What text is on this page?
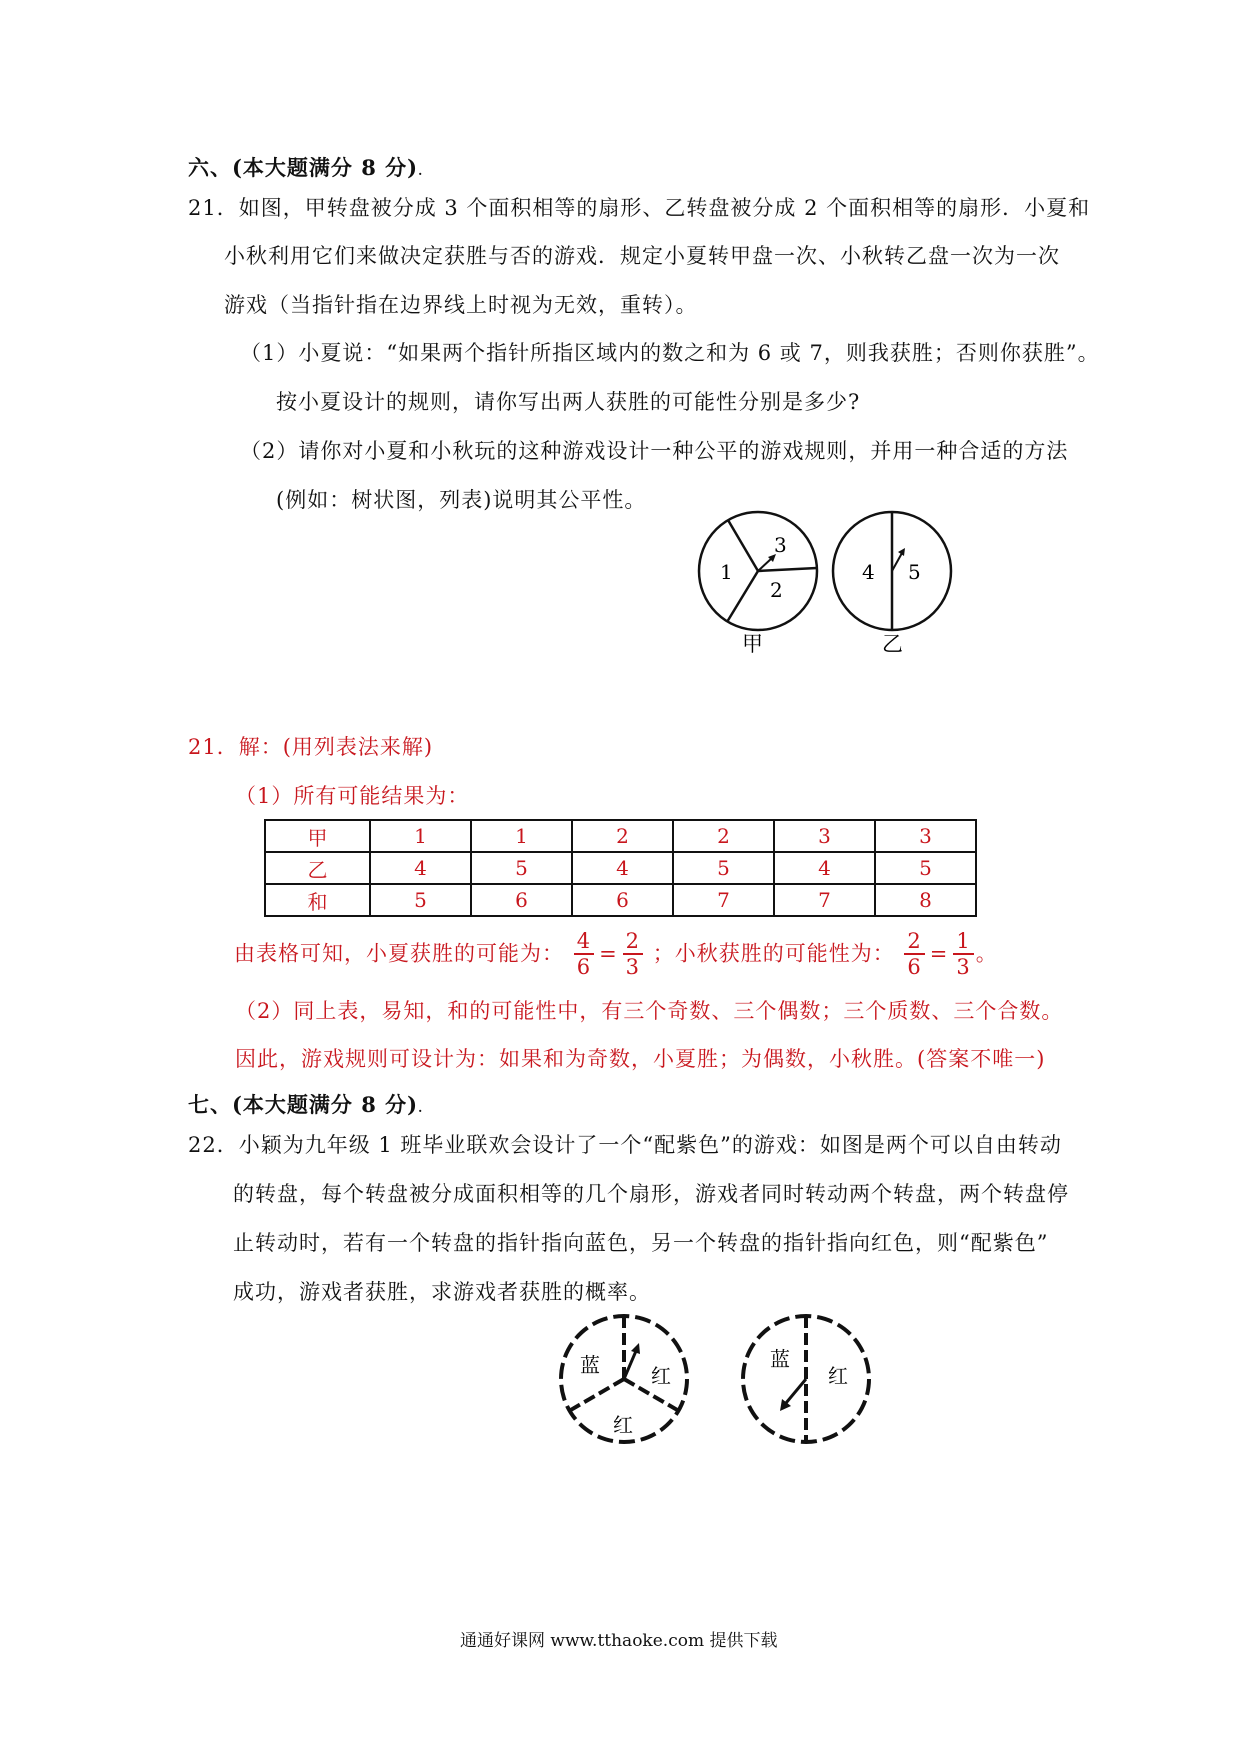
六、(本大题满分 8 分).
21．如图，甲转盘被分成 3 个面积相等的扇形、乙转盘被分成 2 个面积相等的扇形．小夏和
小秋利用它们来做决定获胜与否的游戏．规定小夏转甲盘一次、小秋转乙盘一次为一次
游戏（当指针指在边界线上时视为无效，重转）。
（1）小夏说：“如果两个指针所指区域内的数之和为 6 或 7，则我获胜；否则你获胜”。
按小夏设计的规则，请你写出两人获胜的可能性分别是多少?
（2）请你对小夏和小秋玩的这种游戏设计一种公平的游戏规则，并用一种合适的方法
(例如：树状图，列表)说明其公平性。
1
3
2
甲
4 5
乙
21．解：(用列表法来解)
（1）所有可能结果为：
甲	1	1	2	2	3	3
乙	4	5	4	5	4	5
和	5	6	6	7	7	8
由表格可知，小夏获胜的可能为： $\frac{4}{6} = \frac{2}{3}$ ；小秋获胜的可能性为： $\frac{2}{6} = \frac{1}{3}$ 。
（2）同上表，易知，和的可能性中，有三个奇数、三个偶数；三个质数、三个合数。
因此，游戏规则可设计为：如果和为奇数，小夏胜；为偶数，小秋胜。(答案不唯一)
七、(本大题满分 8 分).
22．小颖为九年级 1 班毕业联欢会设计了一个“配紫色”的游戏：如图是两个可以自由转动
的转盘，每个转盘被分成面积相等的几个扇形，游戏者同时转动两个转盘，两个转盘停
止转动时，若有一个转盘的指针指向蓝色，另一个转盘的指针指向红色，则“配紫色”
成功，游戏者获胜，求游戏者获胜的概率。
蓝	红
红
蓝
红
通通好课网 www.tthaoke.com 提供下载
